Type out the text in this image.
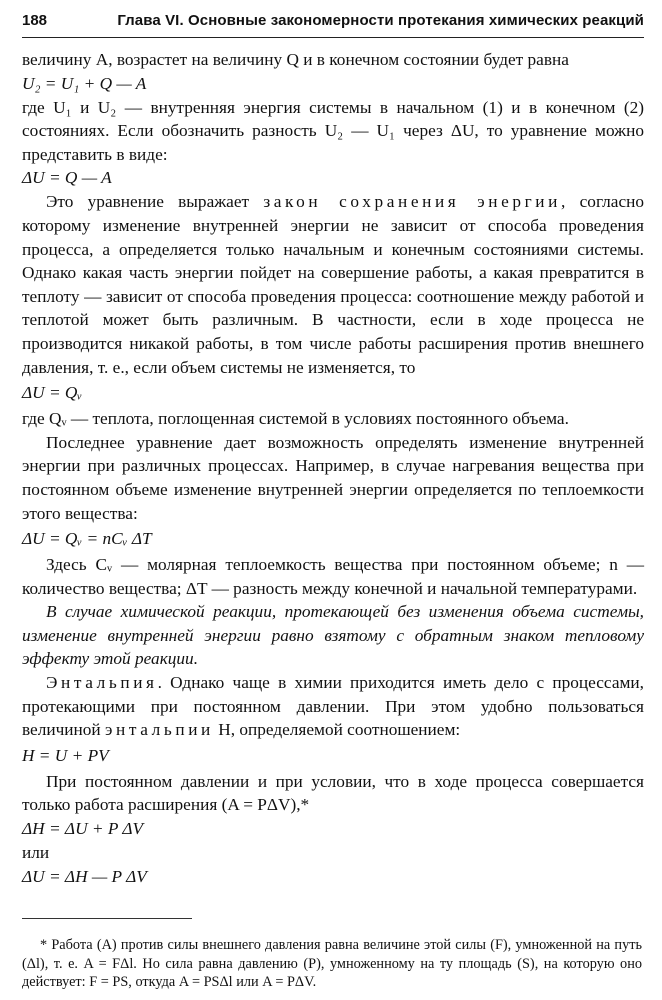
188	Глава VI. Основные закономерности протекания химических реакций

величину A, возрастет на величину Q и в конечном состоянии будет равна

U₂ = U₁ + Q — A

где U₁ и U₂ — внутренняя энергия системы в начальном (1) и в конечном (2) состояниях. Если обозначить разность U₂ — U₁ через ΔU, то уравнение можно представить в виде:

ΔU = Q — A

Это уравнение выражает закон сохранения энергии, согласно которому изменение внутренней энергии не зависит от способа проведения процесса, а определяется только начальным и конечным состояниями системы. Однако какая часть энергии пойдет на совершение работы, а какая превратится в теплоту — зависит от способа проведения процесса: соотношение между работой и теплотой может быть различным. В частности, если в ходе процесса не производится никакой работы, в том числе работы расширения против внешнего давления, т. е., если объем системы не изменяется, то

ΔU = Qᵥ

где Qᵥ — теплота, поглощенная системой в условиях постоянного объема.

Последнее уравнение дает возможность определять изменение внутренней энергии при различных процессах. Например, в случае нагревания вещества при постоянном объеме изменение внутренней энергии определяется по теплоемкости этого вещества:

ΔU = Qᵥ = nCᵥ ΔT

Здесь Cᵥ — молярная теплоемкость вещества при постоянном объеме; n — количество вещества; ΔT — разность между конечной и начальной температурами.

В случае химической реакции, протекающей без изменения объема системы, изменение внутренней энергии равно взятому с обратным знаком тепловому эффекту этой реакции.

Энтальпия. Однако чаще в химии приходится иметь дело с процессами, протекающими при постоянном давлении. При этом удобно пользоваться величиной энтальпии H, определяемой соотношением:

H = U + PV

При постоянном давлении и при условии, что в ходе процесса совершается только работа расширения (A = PΔV),*

ΔH = ΔU + P ΔV

или

ΔU = ΔH — P ΔV

* Работа (A) против силы внешнего давления равна величине этой силы (F), умноженной на путь (Δl), т. е. A = FΔl. Но сила равна давлению (P), умноженному на ту площадь (S), на которую оно действует: F = PS, откуда A = PSΔl или A = PΔV.
